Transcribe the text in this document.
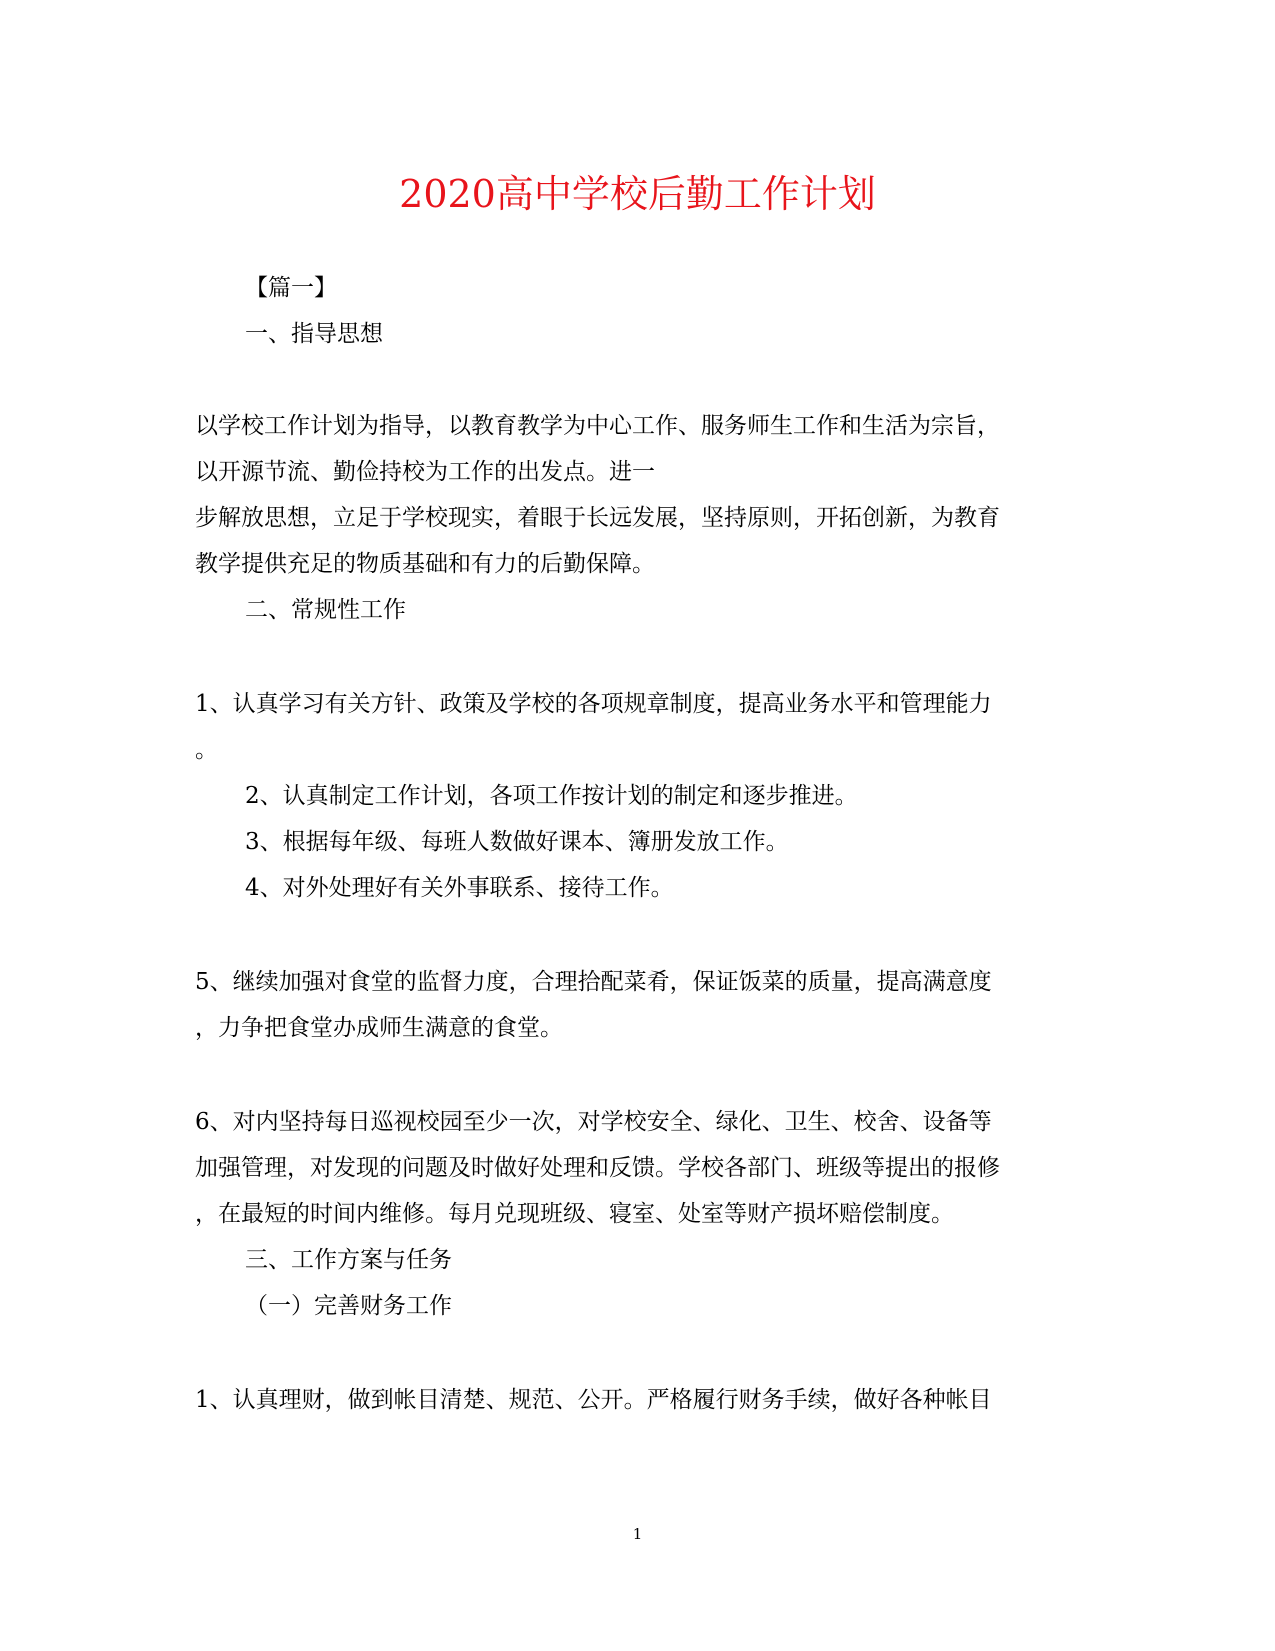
2020高中学校后勤工作计划
【篇一】
一、指导思想
以学校工作计划为指导，以教育教学为中心工作、服务师生工作和生活为宗旨，
以开源节流、勤俭持校为工作的出发点。进一
步解放思想，立足于学校现实，着眼于长远发展，坚持原则，开拓创新，为教育
教学提供充足的物质基础和有力的后勤保障。
二、常规性工作
1、认真学习有关方针、政策及学校的各项规章制度，提高业务水平和管理能力
。
2、认真制定工作计划，各项工作按计划的制定和逐步推进。
3、根据每年级、每班人数做好课本、簿册发放工作。
4、对外处理好有关外事联系、接待工作。
5、继续加强对食堂的监督力度，合理拾配菜肴，保证饭菜的质量，提高满意度
，力争把食堂办成师生满意的食堂。
6、对内坚持每日巡视校园至少一次，对学校安全、绿化、卫生、校舍、设备等
加强管理，对发现的问题及时做好处理和反馈。学校各部门、班级等提出的报修
，在最短的时间内维修。每月兑现班级、寝室、处室等财产损坏赔偿制度。
三、工作方案与任务
（一）完善财务工作
1、认真理财，做到帐目清楚、规范、公开。严格履行财务手续，做好各种帐目
1
